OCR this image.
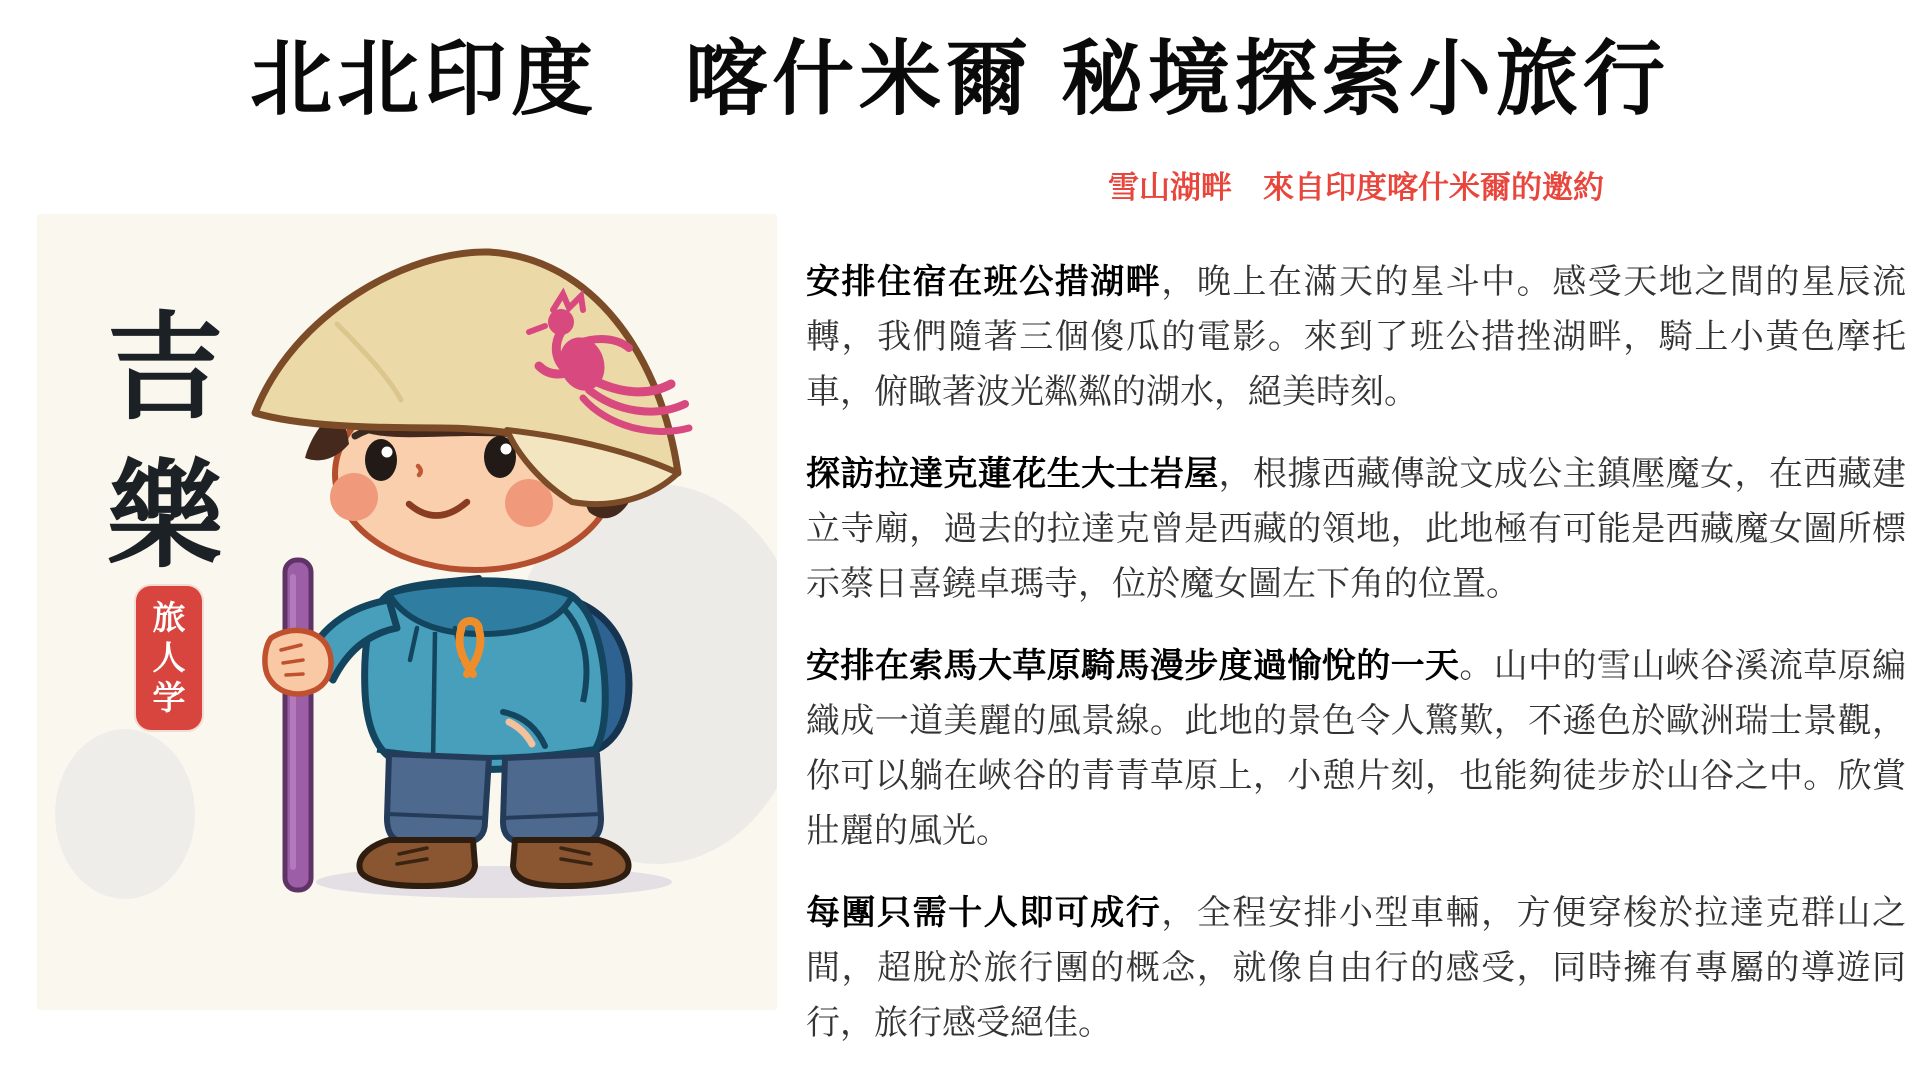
北北印度　喀什米爾 秘境探索小旅行
吉
樂
旅
人
学
雪山湖畔　來自印度喀什米爾的邀約

安排住宿在班公措湖畔，晚上在滿天的星斗中。感受天地之間的星辰流轉，我們隨著三個傻瓜的電影。來到了班公措挫湖畔，騎上小黃色摩托車，俯瞰著波光粼粼的湖水，絕美時刻。

探訪拉達克蓮花生大士岩屋，根據西藏傳說文成公主鎮壓魔女，在西藏建立寺廟，過去的拉達克曾是西藏的領地，此地極有可能是西藏魔女圖所標示蔡日喜鐃卓瑪寺，位於魔女圖左下角的位置。

安排在索馬大草原騎馬漫步度過愉悅的一天。山中的雪山峽谷溪流草原編織成一道美麗的風景線。此地的景色令人驚歎，不遜色於歐洲瑞士景觀，你可以躺在峽谷的青青草原上，小憩片刻，也能夠徒步於山谷之中。欣賞壯麗的風光。

每團只需十人即可成行，全程安排小型車輛，方便穿梭於拉達克群山之間，超脫於旅行團的概念，就像自由行的感受，同時擁有專屬的導遊同行，旅行感受絕佳。
